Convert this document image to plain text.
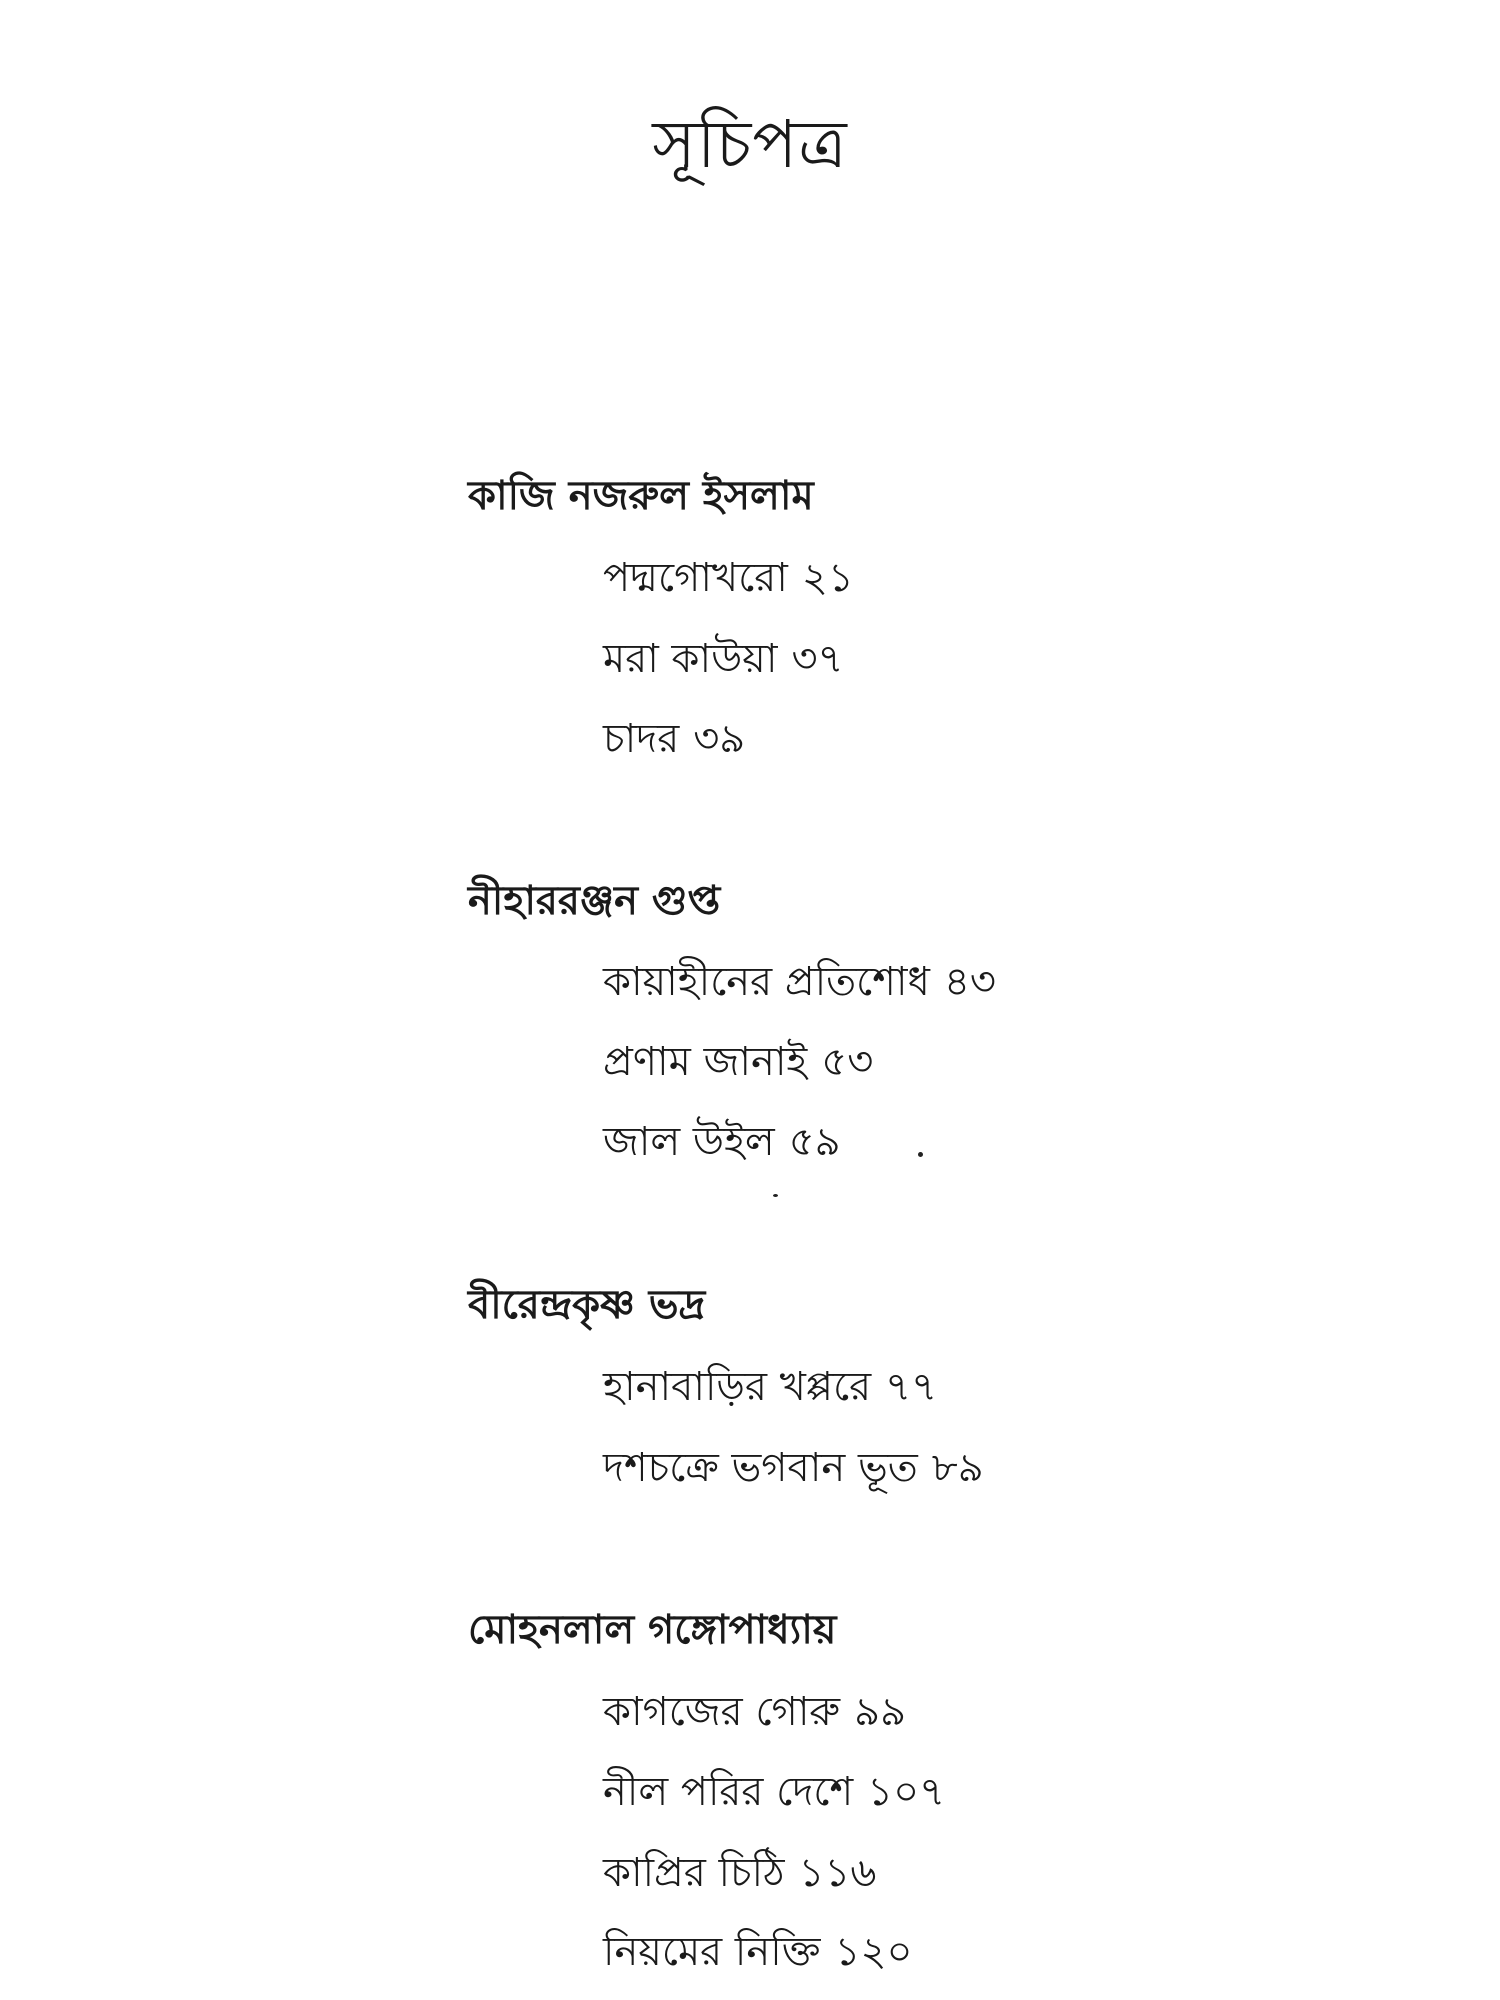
সূচিপত্র
কাজি নজরুল ইসলাম
পদ্মগোখরো ২১
মরা কাউয়া ৩৭
চাদর ৩৯
নীহাররঞ্জন গুপ্ত
কায়াহীনের প্রতিশোধ ৪৩
প্রণাম জানাই ৫৩
জাল উইল ৫৯
বীরেন্দ্রকৃষ্ণ ভদ্র
হানাবাড়ির খপ্পরে ৭৭
দশচক্রে ভগবান ভূত ৮৯
মোহনলাল গঙ্গোপাধ্যায়
কাগজের গোরু ৯৯
নীল পরির দেশে ১০৭
কাপ্রির চিঠি ১১৬
নিয়মের নিক্তি ১২০
